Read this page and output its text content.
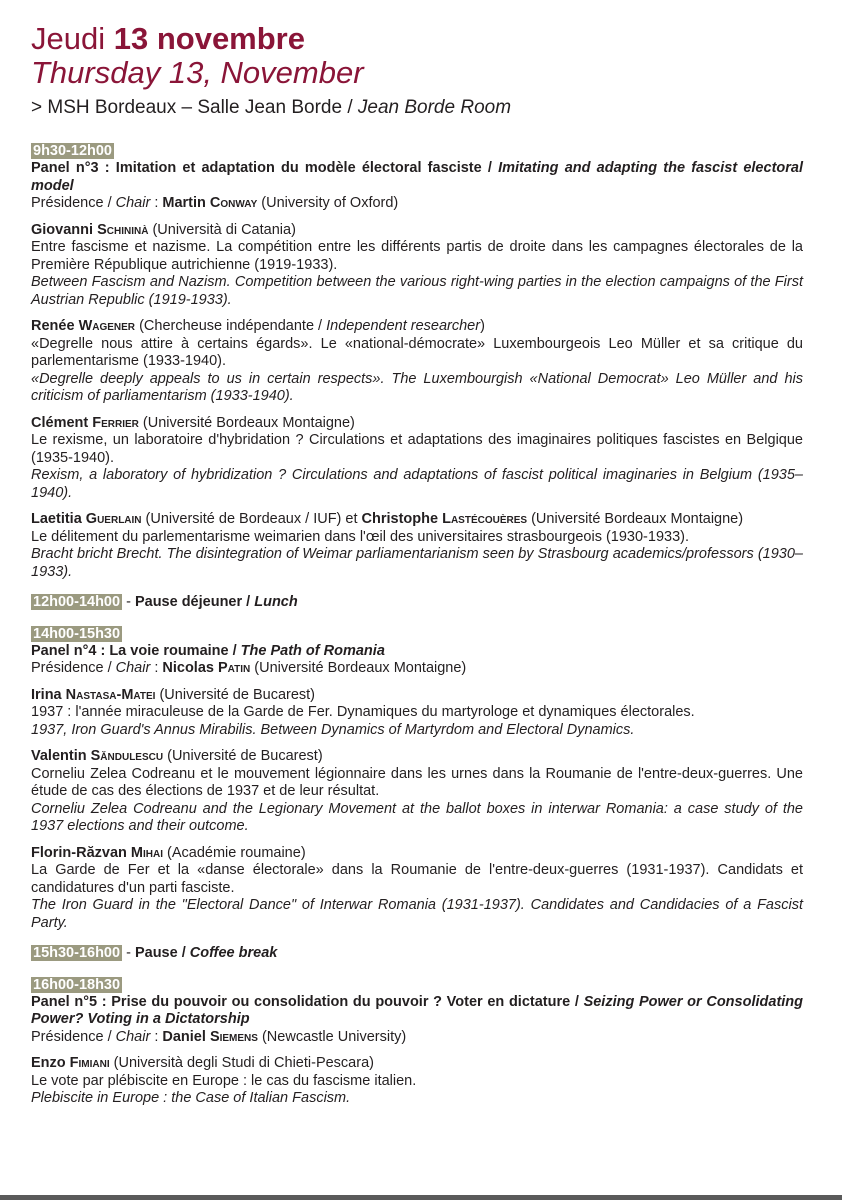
Jeudi 13 novembre
Thursday 13, November
> MSH Bordeaux – Salle Jean Borde / Jean Borde Room
9h30-12h00
Panel n°3 : Imitation et adaptation du modèle électoral fasciste / Imitating and adapting the fascist electoral model
Présidence / Chair : Martin Conway (University of Oxford)
Giovanni Schininà (Università di Catania)
Entre fascisme et nazisme. La compétition entre les différents partis de droite dans les campagnes électorales de la Première République autrichienne (1919-1933).
Between Fascism and Nazism. Competition between the various right-wing parties in the election campaigns of the First Austrian Republic (1919-1933).
Renée Wagener (Chercheuse indépendante / Independent researcher)
«Degrelle nous attire à certains égards». Le «national-démocrate» Luxembourgeois Leo Müller et sa critique du parlementarisme (1933-1940).
«Degrelle deeply appeals to us in certain respects». The Luxembourgish «National Democrat» Leo Müller and his criticism of parliamentarism (1933-1940).
Clément Ferrier (Université Bordeaux Montaigne)
Le rexisme, un laboratoire d'hybridation ? Circulations et adaptations des imaginaires politiques fascistes en Belgique (1935-1940).
Rexism, a laboratory of hybridization ? Circulations and adaptations of fascist political imaginaries in Belgium (1935–1940).
Laetitia Guerlain (Université de Bordeaux / IUF) et Christophe Lastécouères (Université Bordeaux Montaigne)
Le délitement du parlementarisme weimarien dans l'œil des universitaires strasbourgeois (1930-1933).
Bracht bricht Brecht. The disintegration of Weimar parliamentarianism seen by Strasbourg academics/professors (1930–1933).
12h00-14h00 - Pause déjeuner / Lunch
14h00-15h30
Panel n°4 : La voie roumaine / The Path of Romania
Présidence / Chair : Nicolas Patin (Université Bordeaux Montaigne)
Irina Nastasa-Matei (Université de Bucarest)
1937 : l'année miraculeuse de la Garde de Fer. Dynamiques du martyrologe et dynamiques électorales.
1937, Iron Guard's Annus Mirabilis. Between Dynamics of Martyrdom and Electoral Dynamics.
Valentin Săndulescu (Université de Bucarest)
Corneliu Zelea Codreanu et le mouvement légionnaire dans les urnes dans la Roumanie de l'entre-deux-guerres. Une étude de cas des élections de 1937 et de leur résultat.
Corneliu Zelea Codreanu and the Legionary Movement at the ballot boxes in interwar Romania: a case study of the 1937 elections and their outcome.
Florin-Răzvan Mihai (Académie roumaine)
La Garde de Fer et la «danse électorale» dans la Roumanie de l'entre-deux-guerres (1931-1937). Candidats et candidatures d'un parti fasciste.
The Iron Guard in the "Electoral Dance" of Interwar Romania (1931-1937). Candidates and Candidacies of a Fascist Party.
15h30-16h00 - Pause / Coffee break
16h00-18h30
Panel n°5 : Prise du pouvoir ou consolidation du pouvoir ? Voter en dictature / Seizing Power or Consolidating Power? Voting in a Dictatorship
Présidence / Chair : Daniel Siemens (Newcastle University)
Enzo Fimiani (Università degli Studi di Chieti-Pescara)
Le vote par plébiscite en Europe : le cas du fascisme italien.
Plebiscite in Europe : the Case of Italian Fascism.
